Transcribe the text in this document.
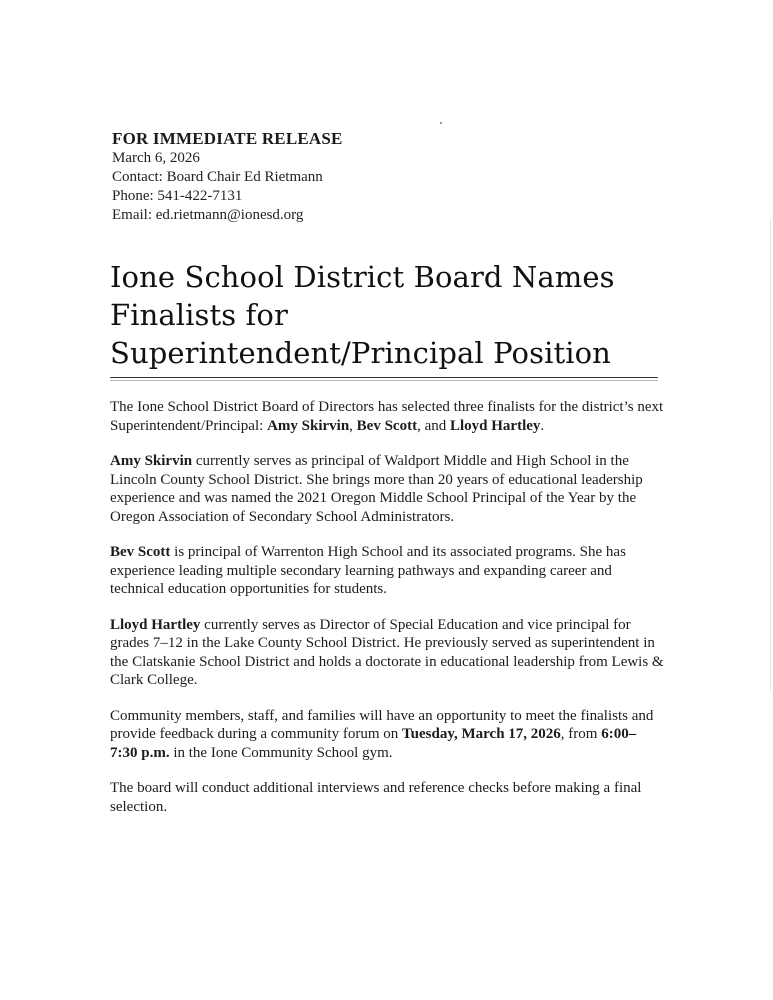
FOR IMMEDIATE RELEASE
March 6, 2026
Contact: Board Chair Ed Rietmann
Phone: 541-422-7131
Email: ed.rietmann@ionesd.org
Ione School District Board Names
Finalists for
Superintendent/Principal Position

The Ione School District Board of Directors has selected three finalists for the district’s next
Superintendent/Principal: Amy Skirvin, Bev Scott, and Lloyd Hartley.

Amy Skirvin currently serves as principal of Waldport Middle and High School in the
Lincoln County School District. She brings more than 20 years of educational leadership
experience and was named the 2021 Oregon Middle School Principal of the Year by the
Oregon Association of Secondary School Administrators.

Bev Scott is principal of Warrenton High School and its associated programs. She has
experience leading multiple secondary learning pathways and expanding career and
technical education opportunities for students.

Lloyd Hartley currently serves as Director of Special Education and vice principal for
grades 7–12 in the Lake County School District. He previously served as superintendent in
the Clatskanie School District and holds a doctorate in educational leadership from Lewis &
Clark College.

Community members, staff, and families will have an opportunity to meet the finalists and
provide feedback during a community forum on Tuesday, March 17, 2026, from 6:00–
7:30 p.m. in the Ione Community School gym.

The board will conduct additional interviews and reference checks before making a final
selection.
